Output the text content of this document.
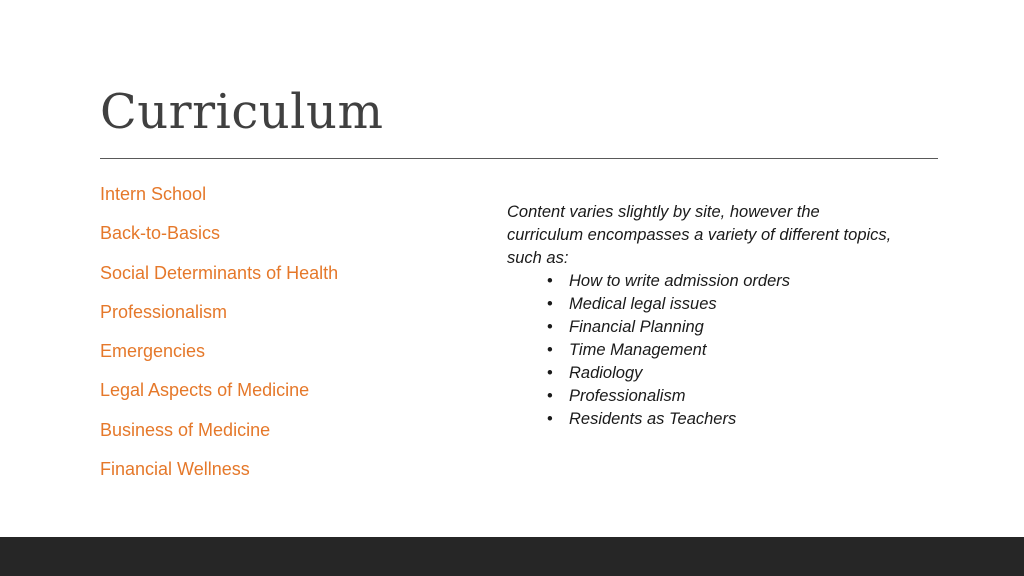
Curriculum
Intern School
Back-to-Basics
Social Determinants of Health
Professionalism
Emergencies
Legal Aspects of Medicine
Business of Medicine
Financial Wellness

Content varies slightly by site, however the curriculum encompasses a variety of different topics, such as:

• How to write admission orders
• Medical legal issues
• Financial Planning
• Time Management
• Radiology
• Professionalism
• Residents as Teachers
